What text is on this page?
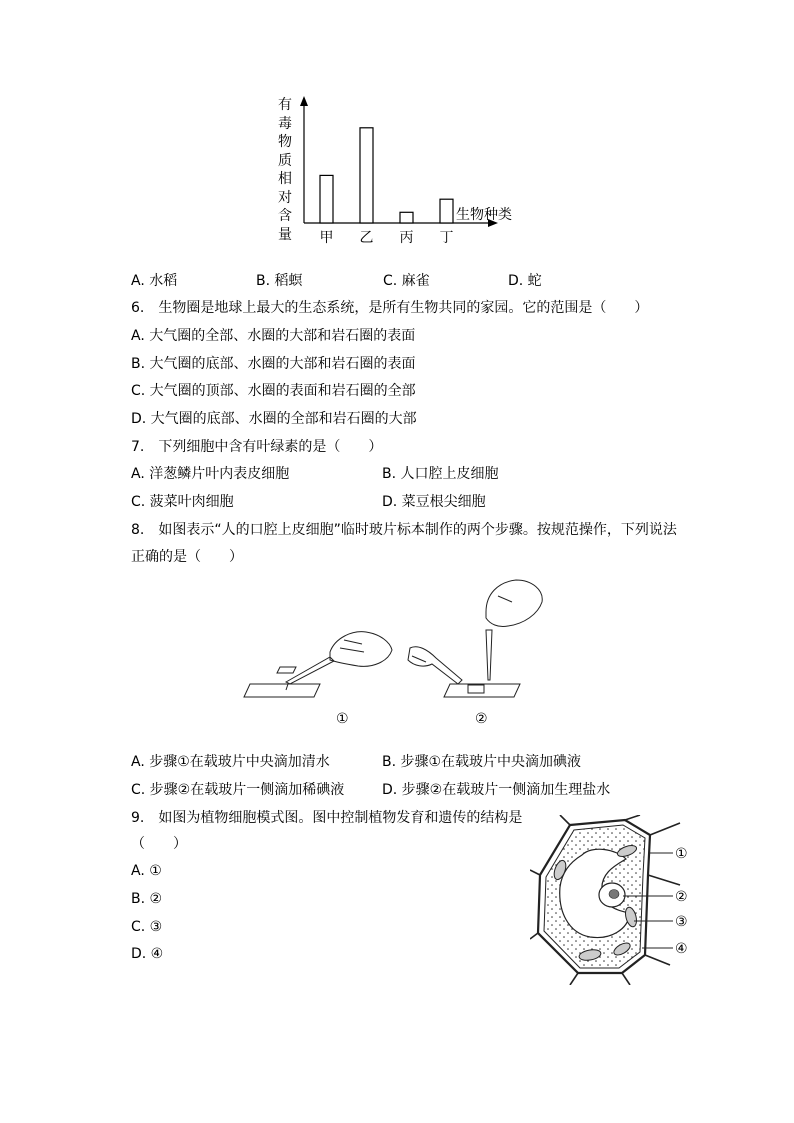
甲 乙 丙 丁
有
毒
物
质
相
对
含
量
生物种类
A. 水稻	B. 稻螟	C. 麻雀	D. 蛇
6.　生物圈是地球上最大的生态系统，是所有生物共同的家园。它的范围是（　　）
A. 大气圈的全部、水圈的大部和岩石圈的表面
B. 大气圈的底部、水圈的大部和岩石圈的表面
C. 大气圈的顶部、水圈的表面和岩石圈的全部
D. 大气圈的底部、水圈的全部和岩石圈的大部
7.　下列细胞中含有叶绿素的是（　　）
A. 洋葱鳞片叶内表皮细胞	B. 人口腔上皮细胞
C. 菠菜叶肉细胞	D. 菜豆根尖细胞
8.　如图表示“人的口腔上皮细胞”临时玻片标本制作的两个步骤。按规范操作，下列说法
正确的是（　　）
①	②
A. 步骤①在载玻片中央滴加清水	B. 步骤①在载玻片中央滴加碘液
C. 步骤②在载玻片一侧滴加稀碘液	D. 步骤②在载玻片一侧滴加生理盐水
9.　如图为植物细胞模式图。图中控制植物发育和遗传的结构是
（　　）
A. ①
B. ②
C. ③
D. ④
①
②
③
④
